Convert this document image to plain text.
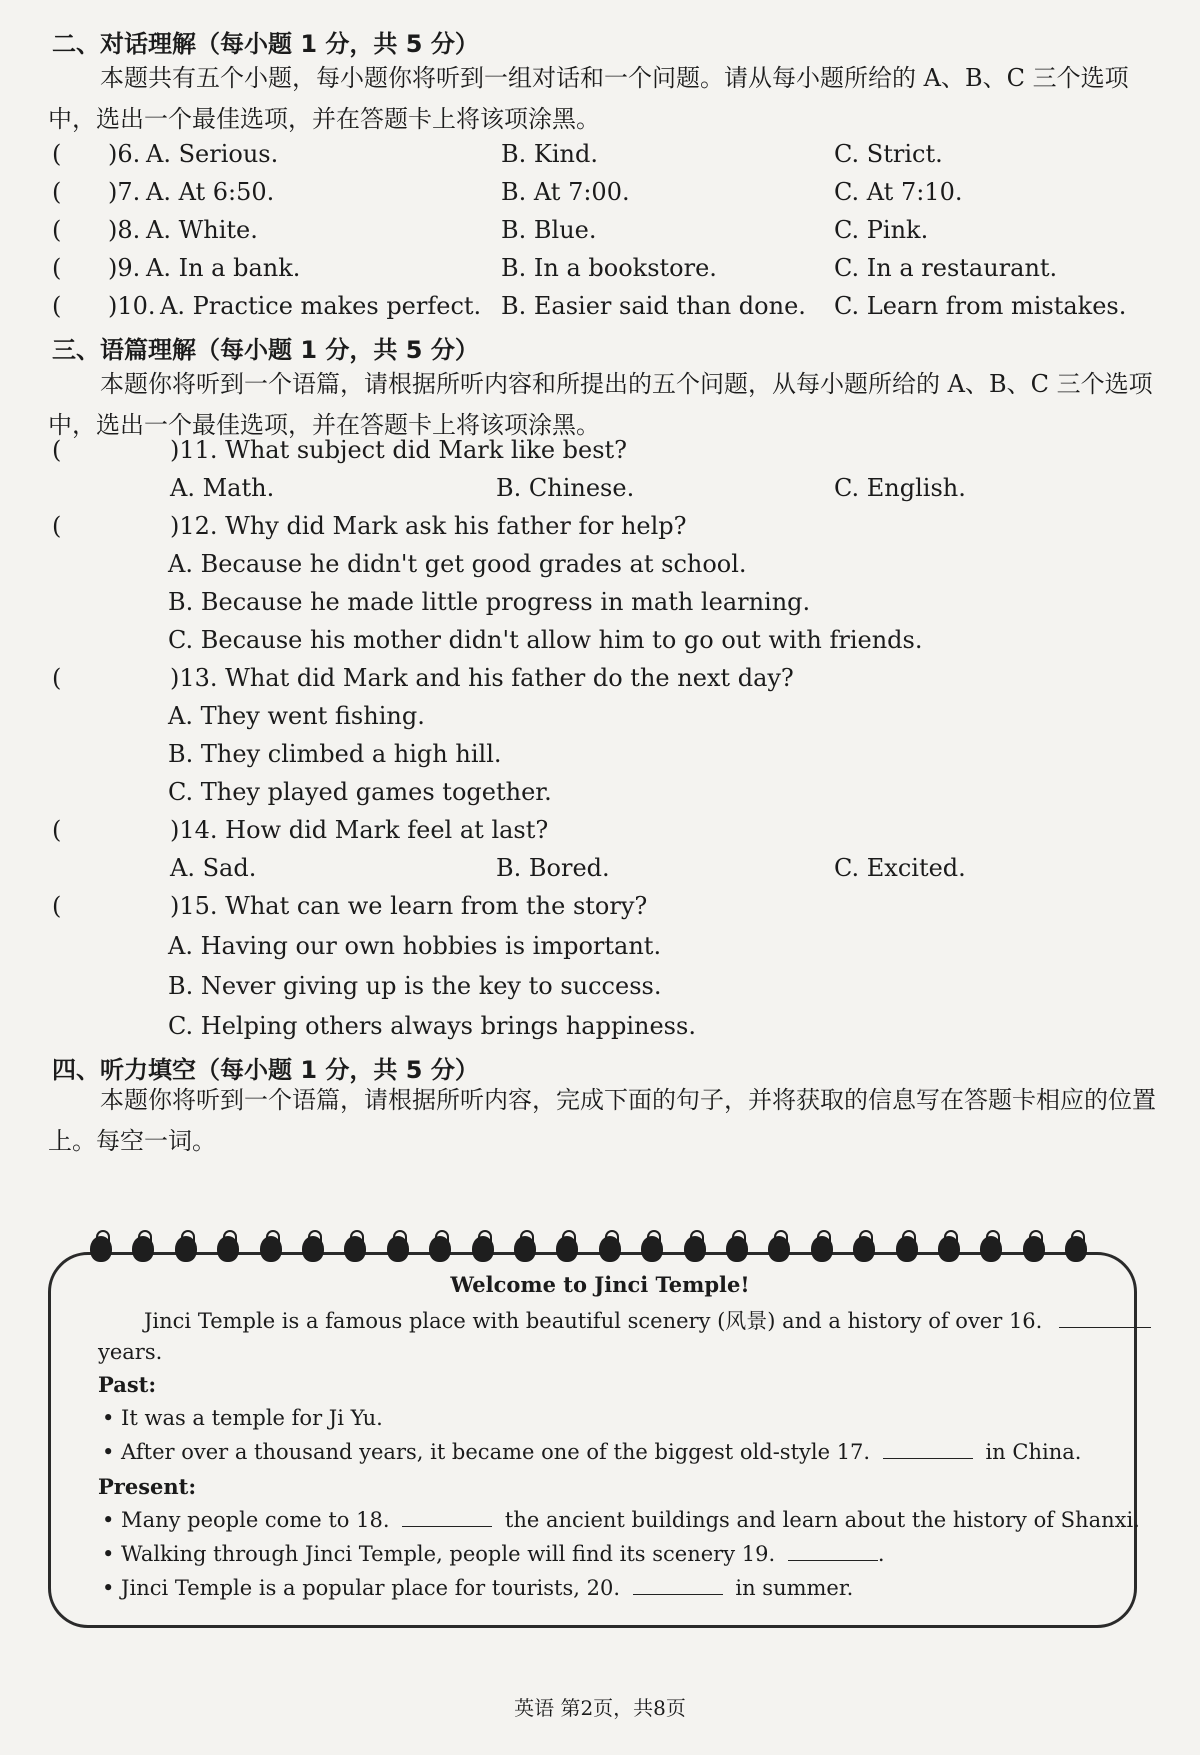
二、对话理解（每小题 1 分，共 5 分）
本题共有五个小题，每小题你将听到一组对话和一个问题。请从每小题所给的 A、B、C 三个选项中，选出一个最佳选项，并在答题卡上将该项涂黑。
( )6. A. Serious.	B. Kind.	C. Strict.
( )7. A. At 6:50.	B. At 7:00.	C. At 7:10.
( )8. A. White.	B. Blue.	C. Pink.
( )9. A. In a bank.	B. In a bookstore.	C. In a restaurant.
( )10. A. Practice makes perfect. B. Easier said than done. C. Learn from mistakes.
三、语篇理解（每小题 1 分，共 5 分）
本题你将听到一个语篇，请根据所听内容和所提出的五个问题，从每小题所给的 A、B、C 三个选项中，选出一个最佳选项，并在答题卡上将该项涂黑。
(	)11. What subject did Mark like best?
A. Math.	B. Chinese.	C. English.
(	)12. Why did Mark ask his father for help?
A. Because he didn't get good grades at school.
B. Because he made little progress in math learning.
C. Because his mother didn't allow him to go out with friends.
(	)13. What did Mark and his father do the next day?
A. They went fishing.
B. They climbed a high hill.
C. They played games together.
(	)14. How did Mark feel at last?
A. Sad.	B. Bored.	C. Excited.
(	)15. What can we learn from the story?
A. Having our own hobbies is important.
B. Never giving up is the key to success.
C. Helping others always brings happiness.
四、听力填空（每小题 1 分，共 5 分）
本题你将听到一个语篇，请根据所听内容，完成下面的句子，并将获取的信息写在答题卡相应的位置上。每空一词。
Welcome to Jinci Temple!
Jinci Temple is a famous place with beautiful scenery (风景) and a history of over 16.
years.
Past:
• It was a temple for Ji Yu.
• After over a thousand years, it became one of the biggest old-style 17.	in China.
Present:
• Many people come to 18.	the ancient buildings and learn about the history of Shanxi.
• Walking through Jinci Temple, people will find its scenery 19.	.
• Jinci Temple is a popular place for tourists, 20.	in summer.
英语 第2页，共8页
